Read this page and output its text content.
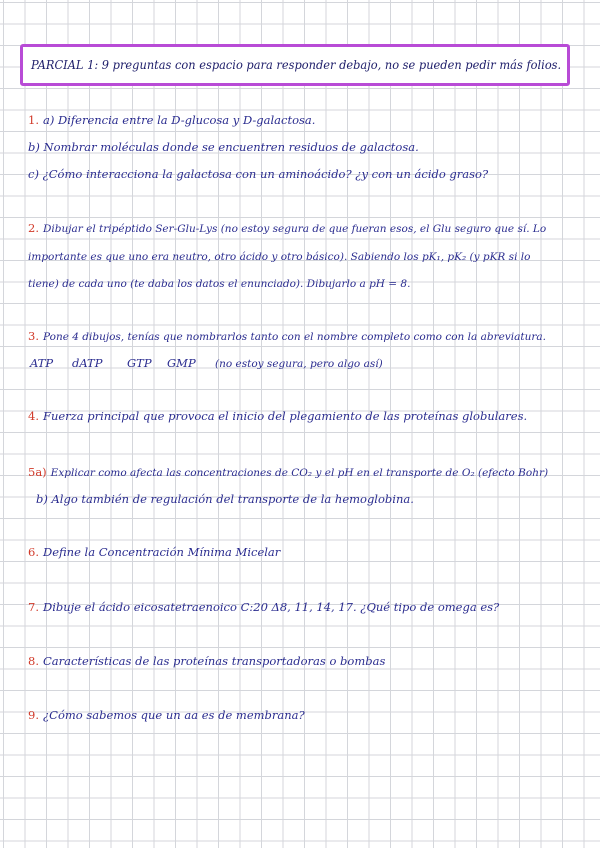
PARCIAL 1: 9 preguntas con espacio para responder debajo, no se pueden pedir más folios.
1. a) Diferencia entre la D-glucosa y D-galactosa.
b) Nombrar moléculas donde se encuentren residuos de galactosa.
c) ¿Cómo interacciona la galactosa con un aminoácido? ¿y con un ácido graso?
2. Dibujar el tripéptido Ser-Glu-Lys (no estoy segura de que fueran esos, el Glu seguro que sí. Lo
importante es que uno era neutro, otro ácido y otro básico). Sabiendo los pK₁, pK₂ (y pKR si lo
tiene) de cada uno (te daba los datos el enunciado). Dibujarlo a pH = 8.
3. Pone 4 dibujos, tenías que nombrarlos tanto con el nombre completo como con la abreviatura.
ATP dATP GTP GMP (no estoy segura, pero algo así)
4. Fuerza principal que provoca el inicio del plegamiento de las proteínas globulares.
5a) Explicar como afecta las concentraciones de CO₂ y el pH en el transporte de O₂ (efecto Bohr)
b) Algo también de regulación del transporte de la hemoglobina.
6. Define la Concentración Mínima Micelar
7. Dibuje el ácido eicosatetraenoico C:20 Δ8, 11, 14, 17. ¿Qué tipo de omega es?
8. Características de las proteínas transportadoras o bombas
9. ¿Cómo sabemos que un aa es de membrana?
